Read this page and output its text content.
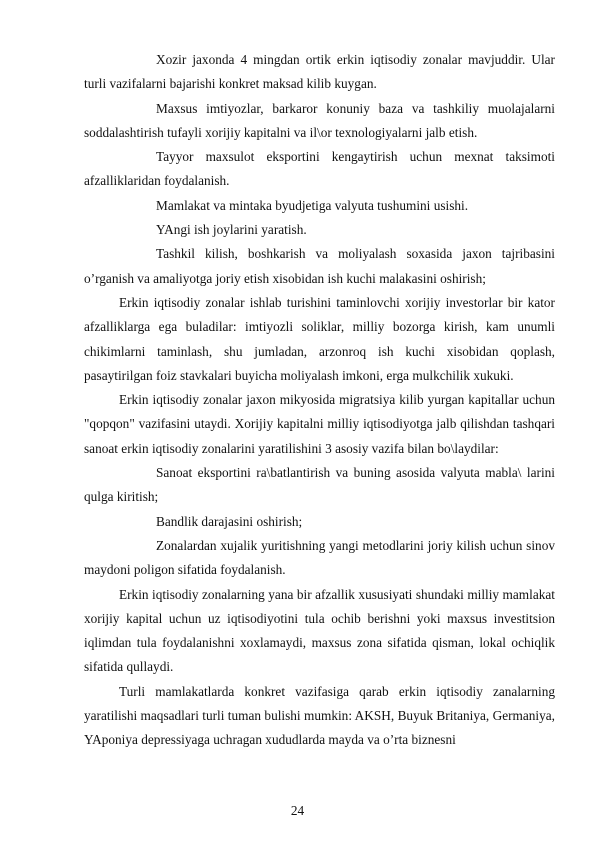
Xozir jaxonda 4 mingdan ortik erkin iqtisodiy zonalar mavjuddir. Ular turli vazifalarni bajarishi konkret maksad kilib kuygan.

Maxsus imtiyozlar, barkaror konuniy baza va tashkiliy muolajalarni soddalashtirish tufayli xorijiy kapitalni va il\or texnologiyalarni jalb etish.

Tayyor maxsulot eksportini kengaytirish uchun mexnat taksimoti afzalliklaridan foydalanish.

Mamlakat va mintaka byudjetiga valyuta tushumini usishi.

YAngi ish joylarini yaratish.

Tashkil kilish, boshkarish va moliyalash soxasida jaxon tajribasini o’rganish va amaliyotga joriy etish xisobidan ish kuchi malakasini oshirish;

Erkin iqtisodiy zonalar ishlab turishini taminlovchi xorijiy investorlar bir kator afzalliklarga ega buladilar: imtiyozli soliklar, milliy bozorga kirish, kam unumli chikimlarni taminlash, shu jumladan, arzonroq ish kuchi xisobidan qoplash, pasaytirilgan foiz stavkalari buyicha moliyalash imkoni, erga mulkchilik xukuki.

Erkin iqtisodiy zonalar jaxon mikyosida migratsiya kilib yurgan kapitallar uchun "qopqon" vazifasini utaydi. Xorijiy kapitalni milliy iqtisodiyotga jalb qilishdan tashqari sanoat erkin iqtisodiy zonalarini yaratilishini 3 asosiy vazifa bilan bo\laydilar:

Sanoat eksportini ra\batlantirish va buning asosida valyuta mabla\ larini qulga kiritish;

Bandlik darajasini oshirish;

Zonalardan xujalik yuritishning yangi metodlarini joriy kilish uchun sinov maydoni poligon sifatida foydalanish.

Erkin iqtisodiy zonalarning yana bir afzallik xususiyati shundaki milliy mamlakat xorijiy kapital uchun uz iqtisodiyotini tula ochib berishni yoki maxsus investitsion iqlimdan tula foydalanishni xoxlamaydi, maxsus zona sifatida qisman, lokal ochiqlik sifatida qullaydi.

Turli mamlakatlarda konkret vazifasiga qarab erkin iqtisodiy zanalarning yaratilishi maqsadlari turli tuman bulishi mumkin: AKSH, Buyuk Britaniya, Germaniya, YAponiya depressiyaga uchragan xududlarda mayda va o’rta biznesni

24
